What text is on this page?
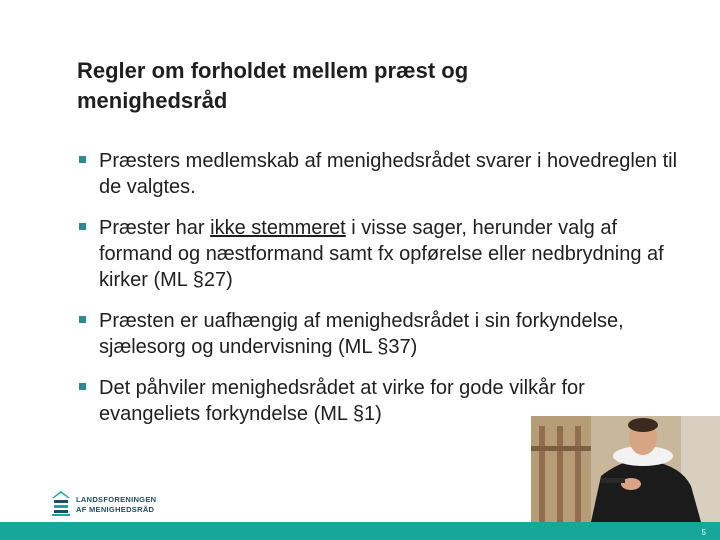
Regler om forholdet mellem præst og menighedsråd
Præsters medlemskab af menighedsrådet svarer i hovedreglen til de valgtes.
Præster har ikke stemmeret i visse sager, herunder valg af formand og næstformand samt fx opførelse eller nedbrydning af kirker (ML §27)
Præsten er uafhængig af menighedsrådet i sin forkyndelse, sjælesorg og undervisning (ML §37)
Det påhviler menighedsrådet at virke for gode vilkår for evangeliets forkyndelse (ML §1)
5
LANDSFORENINGEN
AF MENIGHEDSRÅD
